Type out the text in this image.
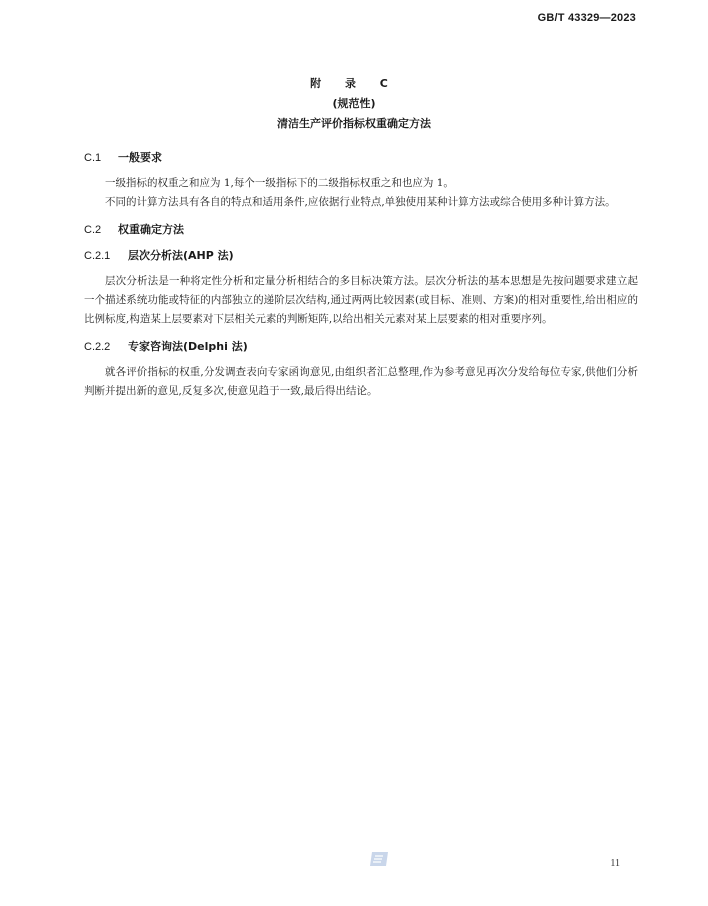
GB/T 43329—2023
附 录 C
(规范性)
清洁生产评价指标权重确定方法

C.1 一般要求

一级指标的权重之和应为 1,每个一级指标下的二级指标权重之和也应为 1。

不同的计算方法具有各自的特点和适用条件,应依据行业特点,单独使用某种计算方法或综合使用多种计算方法。

C.2 权重确定方法

C.2.1 层次分析法(AHP 法)

层次分析法是一种将定性分析和定量分析相结合的多目标决策方法。层次分析法的基本思想是先按问题要求建立起一个描述系统功能或特征的内部独立的递阶层次结构,通过两两比较因素(或目标、准则、方案)的相对重要性,给出相应的比例标度,构造某上层要素对下层相关元素的判断矩阵,以给出相关元素对某上层要素的相对重要序列。

C.2.2 专家咨询法(Delphi 法)

就各评价指标的权重,分发调查表向专家函询意见,由组织者汇总整理,作为参考意见再次分发给每位专家,供他们分析判断并提出新的意见,反复多次,使意见趋于一致,最后得出结论。

11
